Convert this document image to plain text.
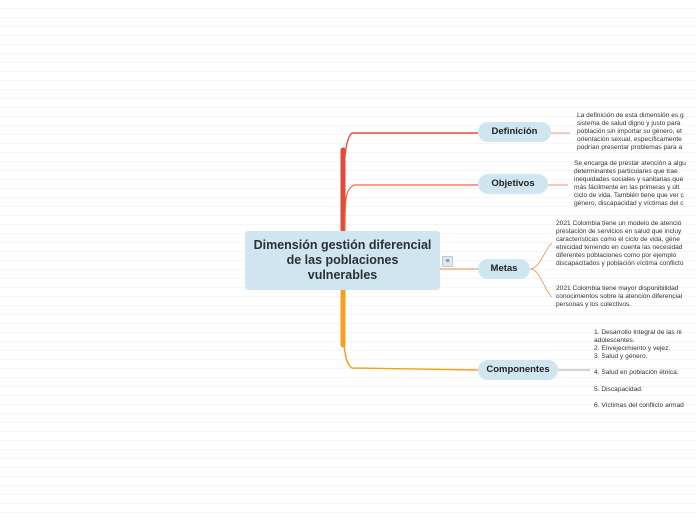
Dimensión gestión diferencial de las poblaciones vulnerables
≡
Definición
Objetivos
Metas
Componentes
La definición de esta dimensión es g
sistema de salud digno y justo para
población sin importar su género, et
orientación sexual, específicamente
podrían presentar problemas para a
Se encarga de prestar atención a algu
determinantes particulares que trae
inequidades sociales y sanitarias que
más fácilmente en las primeras y últ
ciclo de vida. También tiene que ver c
género, discapacidad y víctimas del c
2021 Colombia tiene un modelo de atenció
prestación de servicios en salud que incluy
características como el ciclo de vida, géne
etnicidad teniendo en cuenta las necesidad
diferentes poblaciones como por ejemplo
discapacitados y población víctima conflicto
2021 Colombia tiene mayor disponibilidad
conocimientos sobre la atención diferencial
personas y los colectivos.
1. Desarrollo Integral de las ni
adolescentes.
2. Envejecimiento y vejez.
3. Salud y género.

4. Salud en población étnica.

5. Discapacidad.

6. Víctimas del conflicto armad
